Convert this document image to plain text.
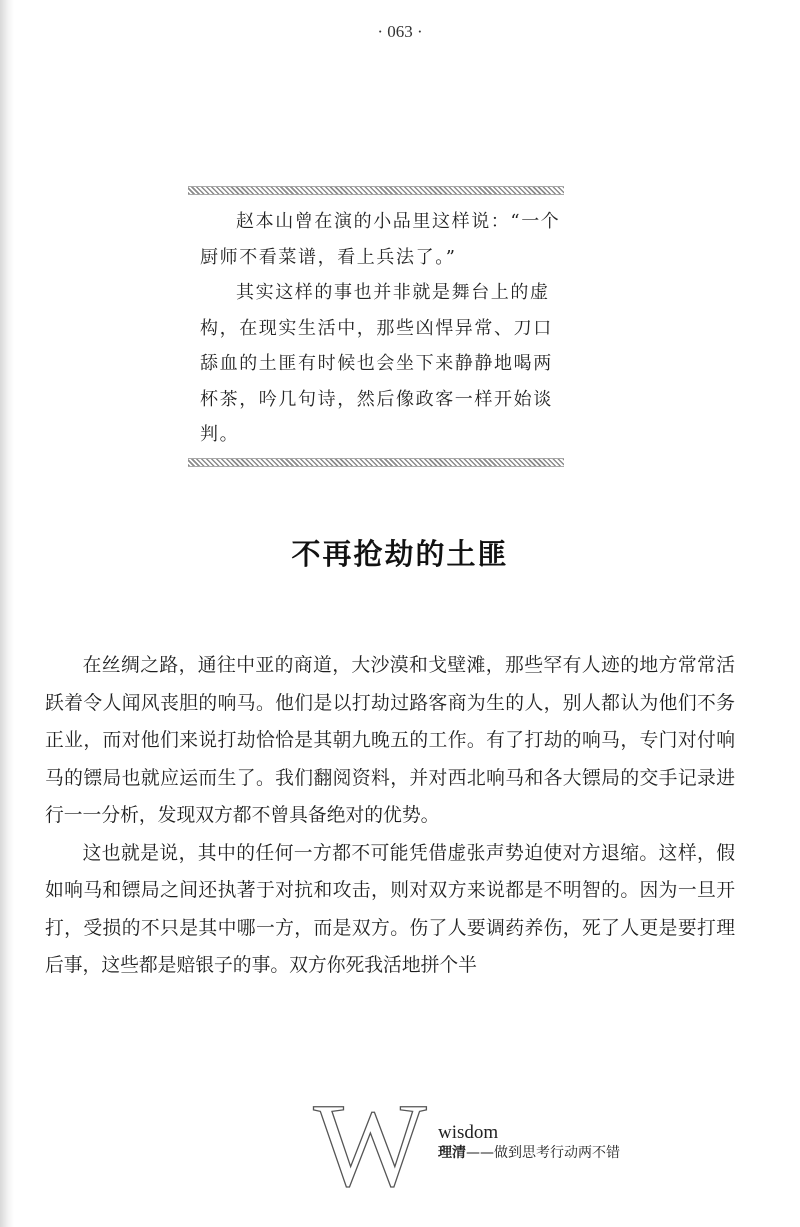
· 063 ·

赵本山曾在演的小品里这样说：“一个厨师不看菜谱，看上兵法了。”

其实这样的事也并非就是舞台上的虚构，在现实生活中，那些凶悍异常、刀口舔血的土匪有时候也会坐下来静静地喝两杯茶，吟几句诗，然后像政客一样开始谈判。

不再抢劫的土匪

在丝绸之路，通往中亚的商道，大沙漠和戈壁滩，那些罕有人迹的地方常常活跃着令人闻风丧胆的响马。他们是以打劫过路客商为生的人，别人都认为他们不务正业，而对他们来说打劫恰恰是其朝九晚五的工作。有了打劫的响马，专门对付响马的镖局也就应运而生了。我们翻阅资料，并对西北响马和各大镖局的交手记录进行一一分析，发现双方都不曾具备绝对的优势。

这也就是说，其中的任何一方都不可能凭借虚张声势迫使对方退缩。这样，假如响马和镖局之间还执著于对抗和攻击，则对双方来说都是不明智的。因为一旦开打，受损的不只是其中哪一方，而是双方。伤了人要调药养伤，死了人更是要打理后事，这些都是赔银子的事。双方你死我活地拼个半

W wisdom
理清——做到思考行动两不错
